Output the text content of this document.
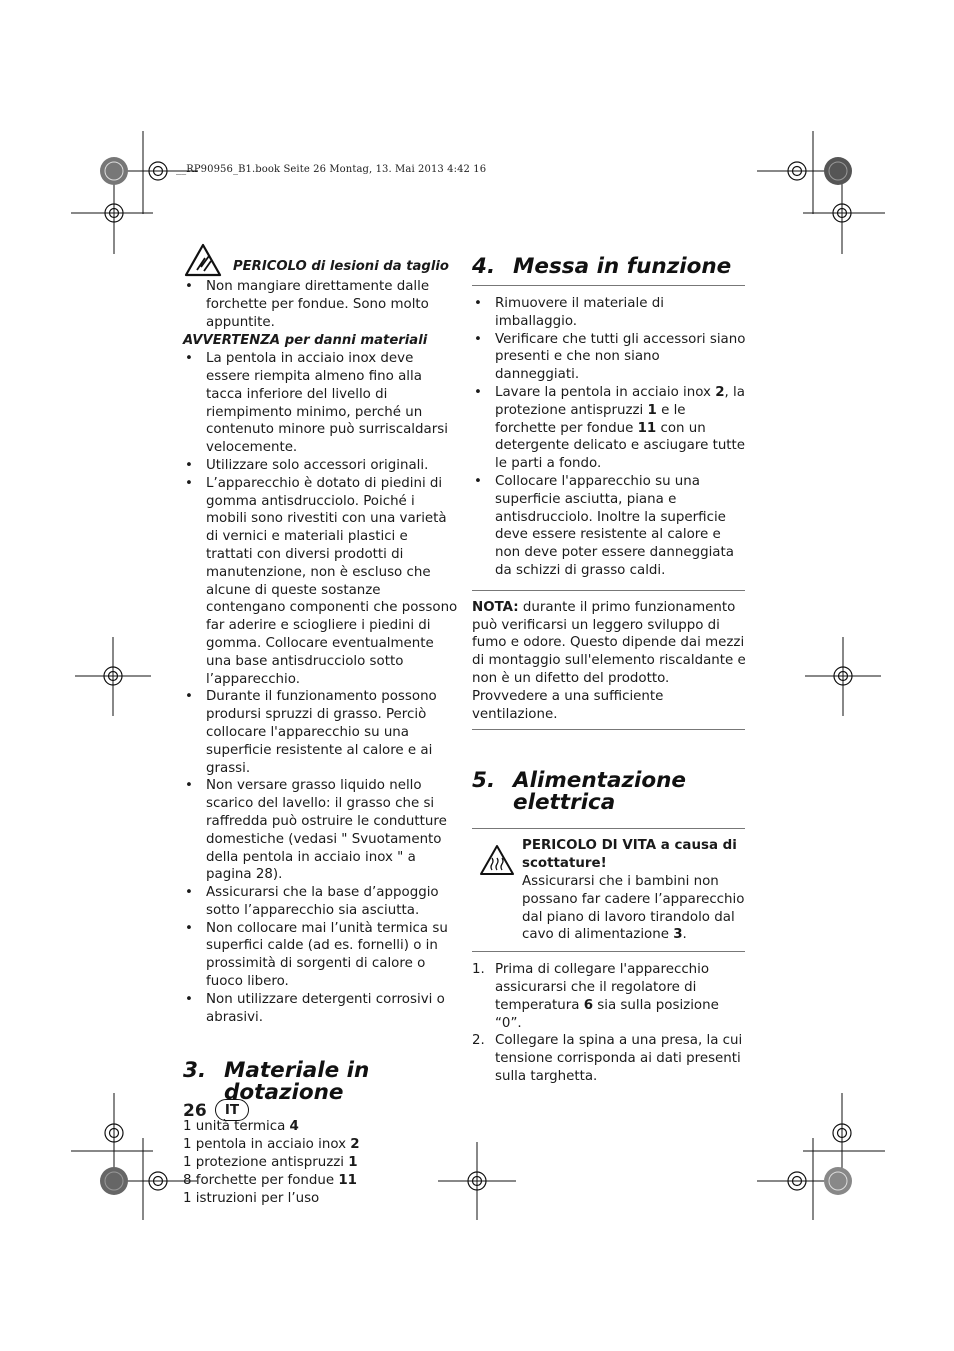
__RP90956_B1.book Seite 26 Montag, 13. Mai 2013 4:42 16
PERICOLO di lesioni da taglio
• Non mangiare direttamente dalle forchette per fondue. Sono molto appuntite.
AVVERTENZA per danni materiali
• La pentola in acciaio inox deve essere riempita almeno fino alla tacca inferiore del livello di riempimento minimo, perché un contenuto minore può surriscaldarsi velocemente.
• Utilizzare solo accessori originali.
• L’apparecchio è dotato di piedini di gomma antisdrucciolo. Poiché i mobili sono rivestiti con una varietà di vernici e materiali plastici e trattati con diversi prodotti di manutenzione, non è escluso che alcune di queste sostanze contengano componenti che possono far aderire e sciogliere i piedini di gomma. Collocare eventualmente una base antisdrucciolo sotto l’apparecchio.
• Durante il funzionamento possono prodursi spruzzi di grasso. Perciò collocare l'apparecchio su una superficie resistente al calore e ai grassi.
• Non versare grasso liquido nello scarico del lavello: il grasso che si raffredda può ostruire le condutture domestiche (vedasi " Svuotamento della pentola in acciaio inox " a pagina 28).
• Assicurarsi che la base d’appoggio sotto l’apparecchio sia asciutta.
• Non collocare mai l’unità termica su superfici calde (ad es. fornelli) o in prossimità di sorgenti di calore o fuoco libero.
• Non utilizzare detergenti corrosivi o abrasivi.
3. Materiale in
dotazione
1 unità termica 4
1 pentola in acciaio inox 2
1 protezione antispruzzi 1
8 forchette per fondue 11
1 istruzioni per l’uso
4. Messa in funzione
• Rimuovere il materiale di imballaggio.
• Verificare che tutti gli accessori siano presenti e che non siano danneggiati.
• Lavare la pentola in acciaio inox 2, la protezione antispruzzi 1 e le forchette per fondue 11 con un detergente delicato e asciugare tutte le parti a fondo.
• Collocare l'apparecchio su una superficie asciutta, piana e antisdrucciolo. Inoltre la superficie deve essere resistente al calore e non deve poter essere danneggiata da schizzi di grasso caldi.
NOTA: durante il primo funzionamento può verificarsi un leggero sviluppo di fumo e odore. Questo dipende dai mezzi di montaggio sull'elemento riscaldante e non è un difetto del prodotto. Provvedere a una sufficiente ventilazione.
5. Alimentazione
elettrica
PERICOLO DI VITA a causa di scottature!
Assicurarsi che i bambini non possano far cadere l’apparecchio dal piano di lavoro tirandolo dal cavo di alimentazione 3.
1. Prima di collegare l'apparecchio assicurarsi che il regolatore di temperatura 6 sia sulla posizione “0”.
2. Collegare la spina a una presa, la cui tensione corrisponda ai dati presenti sulla targhetta.
26	IT
